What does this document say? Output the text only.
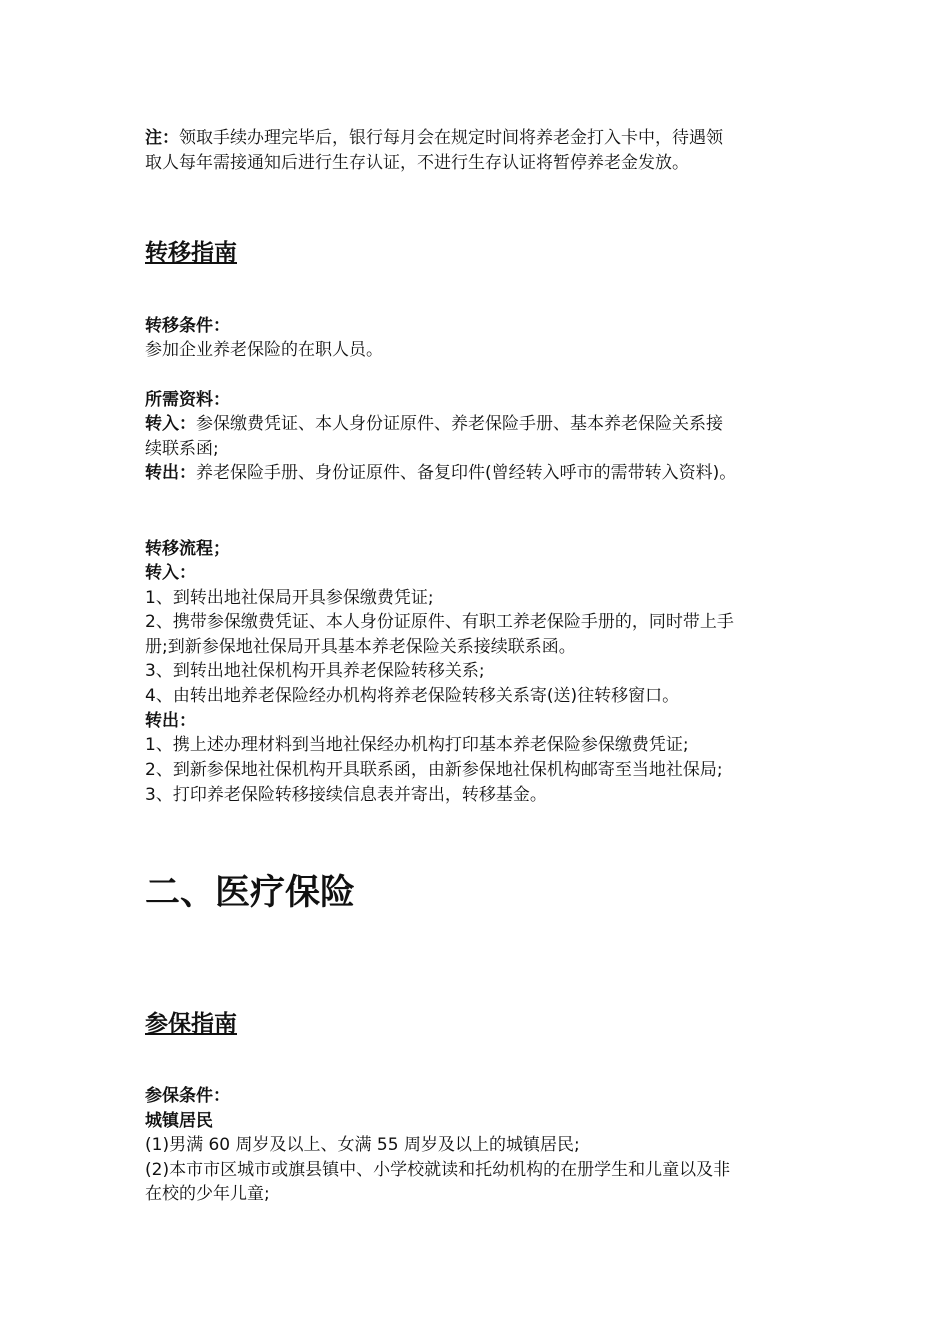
注：领取手续办理完毕后，银行每月会在规定时间将养老金打入卡中，待遇领
取人每年需接通知后进行生存认证，不进行生存认证将暂停养老金发放。
转移指南
转移条件：
参加企业养老保险的在职人员。
所需资料：
转入：参保缴费凭证、本人身份证原件、养老保险手册、基本养老保险关系接
续联系函;
转出：养老保险手册、身份证原件、备复印件(曾经转入呼市的需带转入资料)。
转移流程；
转入：
1、到转出地社保局开具参保缴费凭证;
2、携带参保缴费凭证、本人身份证原件、有职工养老保险手册的，同时带上手
册;到新参保地社保局开具基本养老保险关系接续联系函。
3、到转出地社保机构开具养老保险转移关系;
4、由转出地养老保险经办机构将养老保险转移关系寄(送)往转移窗口。
转出：
1、携上述办理材料到当地社保经办机构打印基本养老保险参保缴费凭证;
2、到新参保地社保机构开具联系函，由新参保地社保机构邮寄至当地社保局;
3、打印养老保险转移接续信息表并寄出，转移基金。
二、医疗保险
参保指南
参保条件：
城镇居民
(1)男满 60 周岁及以上、女满 55 周岁及以上的城镇居民;
(2)本市市区城市或旗县镇中、小学校就读和托幼机构的在册学生和儿童以及非
在校的少年儿童;
